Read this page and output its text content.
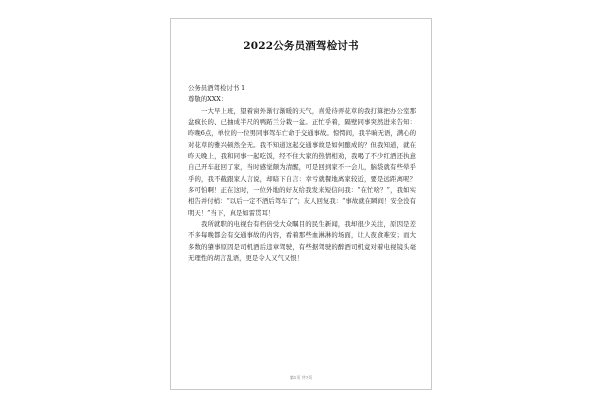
2022公务员酒驾检讨书

公务员酒驾检讨书 1

尊敬的XXX：

一大早上班，望着窗外渐行渐暖的天气，喜爱待弄花草的我打算把办公室那盆疯长的、已抽成半尺的鸭跖兰分栽一盆。正忙乎着，隔壁同事突然进来告知：昨晚6点，单位的一位男同事驾车亡命于交通事故。惊愕间，我半晌无语，满心的对花草的雅兴顿然全无。我不知道这起交通事故是如何酿成的？但我知道，就在昨天晚上，我和同事一起吃饭，经不住大家的热情相劝，我喝了不少红酒还执意自己开车赶回了家，当时感觉颇为清醒，可是回到家不一会儿，脑袋就有些晕乎乎的，我不截跟家人言说，却暗下自言：幸亏就餐地离家较近，要是远距离呢？多可怕啊！正在这时，一位外地的好友给我发来短信问我：“在忙啥？”，我如实相告并付梢：“以后一定不酒后驾车了”；友人回复我：“事故就在瞬间！安全没有明天！”当下，真是如雷贯耳！

我所就职的电视台有档倍受大众瞩目的民生新闻，我却很少关注，原因是差不多每晚都会有交通事故的内容，看着那些血淋淋的场面，让人夜食难安；而大多数的肇事原因是司机酒后违章驾驶，有些据驾驶的醉酒司机竟对着电视镜头毫无理性的胡言乱语，更是令人又气又恨！

第1页 共7页
